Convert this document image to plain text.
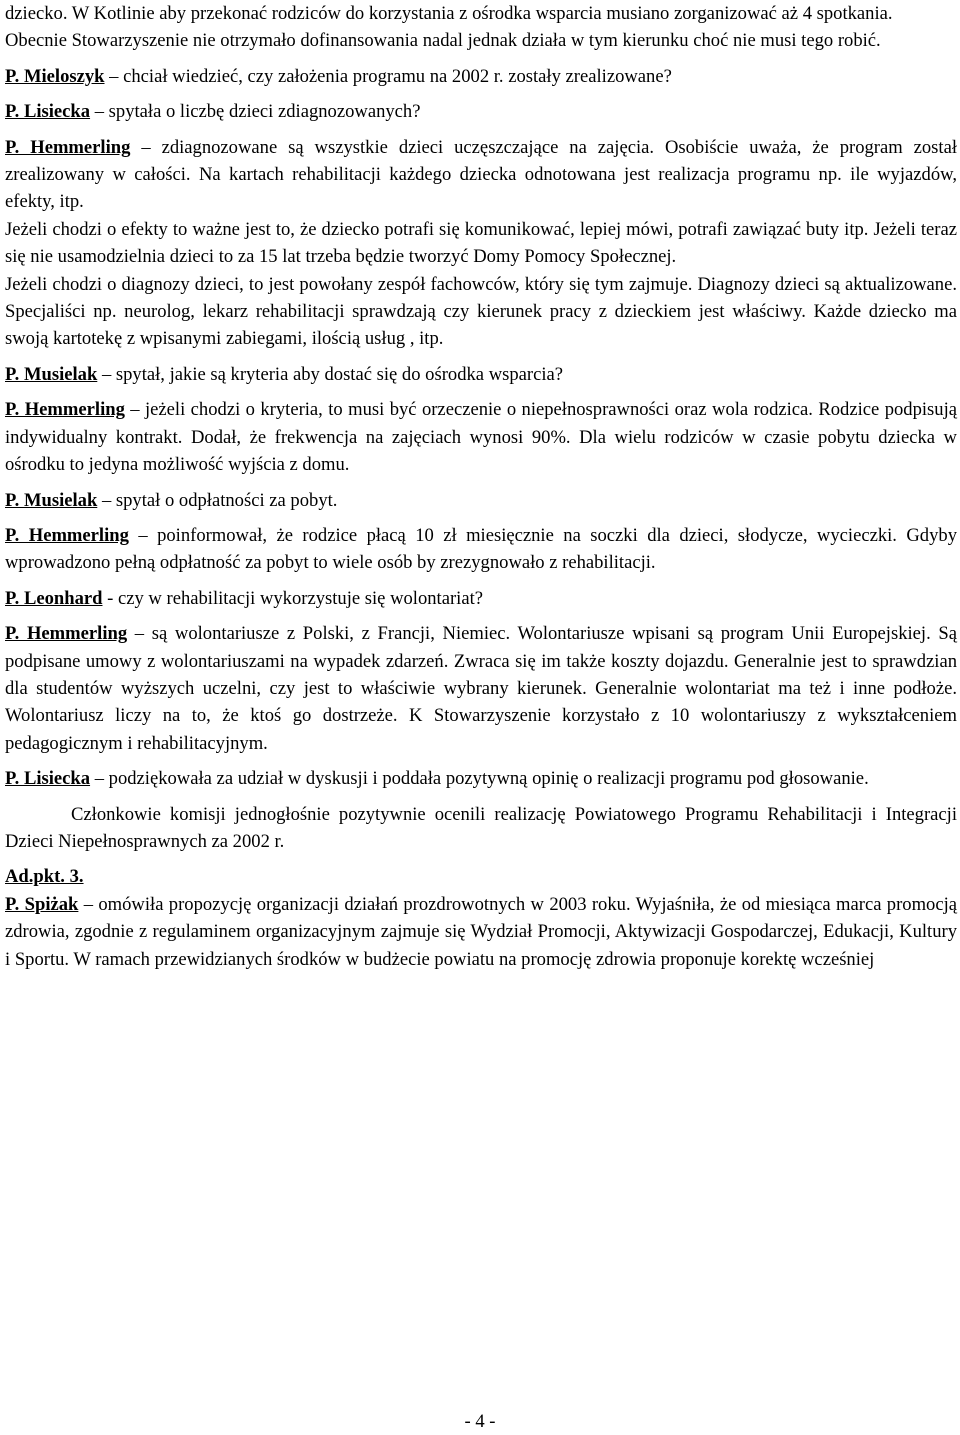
dziecko. W Kotlinie aby przekonać rodziców do korzystania z ośrodka wsparcia musiano zorganizować aż 4 spotkania.

Obecnie Stowarzyszenie nie otrzymało dofinansowania nadal jednak działa w tym kierunku choć nie musi tego robić.

P. Mieloszyk – chciał wiedzieć, czy założenia programu na 2002 r. zostały zrealizowane?

P. Lisiecka – spytała o liczbę dzieci zdiagnozowanych?

P. Hemmerling – zdiagnozowane są wszystkie dzieci uczęszczające na zajęcia. Osobiście uważa, że program został zrealizowany w całości. Na kartach rehabilitacji każdego dziecka odnotowana jest realizacja programu np. ile wyjazdów, efekty, itp.

Jeżeli chodzi o efekty to ważne jest to, że dziecko potrafi się komunikować, lepiej mówi, potrafi zawiązać buty itp. Jeżeli teraz się nie usamodzielnia dzieci to za 15 lat trzeba będzie tworzyć Domy Pomocy Społecznej.

Jeżeli chodzi o diagnozy dzieci, to jest powołany zespół fachowców, który się tym zajmuje. Diagnozy dzieci są aktualizowane. Specjaliści np. neurolog, lekarz rehabilitacji sprawdzają czy kierunek pracy z dzieckiem jest właściwy. Każde dziecko ma swoją kartotekę z wpisanymi zabiegami, ilością usług , itp.

P. Musielak – spytał, jakie są kryteria aby dostać się do ośrodka wsparcia?

P. Hemmerling – jeżeli chodzi o kryteria, to musi być orzeczenie o niepełnosprawności oraz wola rodzica. Rodzice podpisują indywidualny kontrakt. Dodał, że frekwencja na zajęciach wynosi 90%. Dla wielu rodziców w czasie pobytu dziecka w ośrodku to jedyna możliwość wyjścia z domu.

P. Musielak – spytał o odpłatności za pobyt.

P. Hemmerling – poinformował, że rodzice płacą 10 zł miesięcznie na soczki dla dzieci, słodycze, wycieczki. Gdyby wprowadzono pełną odpłatność za pobyt to wiele osób by zrezygnowało z rehabilitacji.

P. Leonhard - czy w rehabilitacji wykorzystuje się wolontariat?

P. Hemmerling – są wolontariusze z Polski, z Francji, Niemiec. Wolontariusze wpisani są program Unii Europejskiej. Są podpisane umowy z wolontariuszami na wypadek zdarzeń. Zwraca się im także koszty dojazdu. Generalnie jest to sprawdzian dla studentów wyższych uczelni, czy jest to właściwie wybrany kierunek. Generalnie wolontariat ma też i inne podłoże. Wolontariusz liczy na to, że ktoś go dostrzeże. K Stowarzyszenie korzystało z 10 wolontariuszy z wykształceniem pedagogicznym i rehabilitacyjnym.

P. Lisiecka – podziękowała za udział w dyskusji i poddała pozytywną opinię o realizacji programu pod głosowanie.

Członkowie komisji jednogłośnie pozytywnie ocenili realizację Powiatowego Programu Rehabilitacji i Integracji Dzieci Niepełnosprawnych za 2002 r.

Ad.pkt. 3.

P. Spiżak – omówiła propozycję organizacji działań prozdrowotnych w 2003 roku. Wyjaśniła, że od miesiąca marca promocją zdrowia, zgodnie z regulaminem organizacyjnym zajmuje się Wydział Promocji, Aktywizacji Gospodarczej, Edukacji, Kultury i Sportu. W ramach przewidzianych środków w budżecie powiatu na promocję zdrowia proponuje korektę wcześniej

- 4 -
